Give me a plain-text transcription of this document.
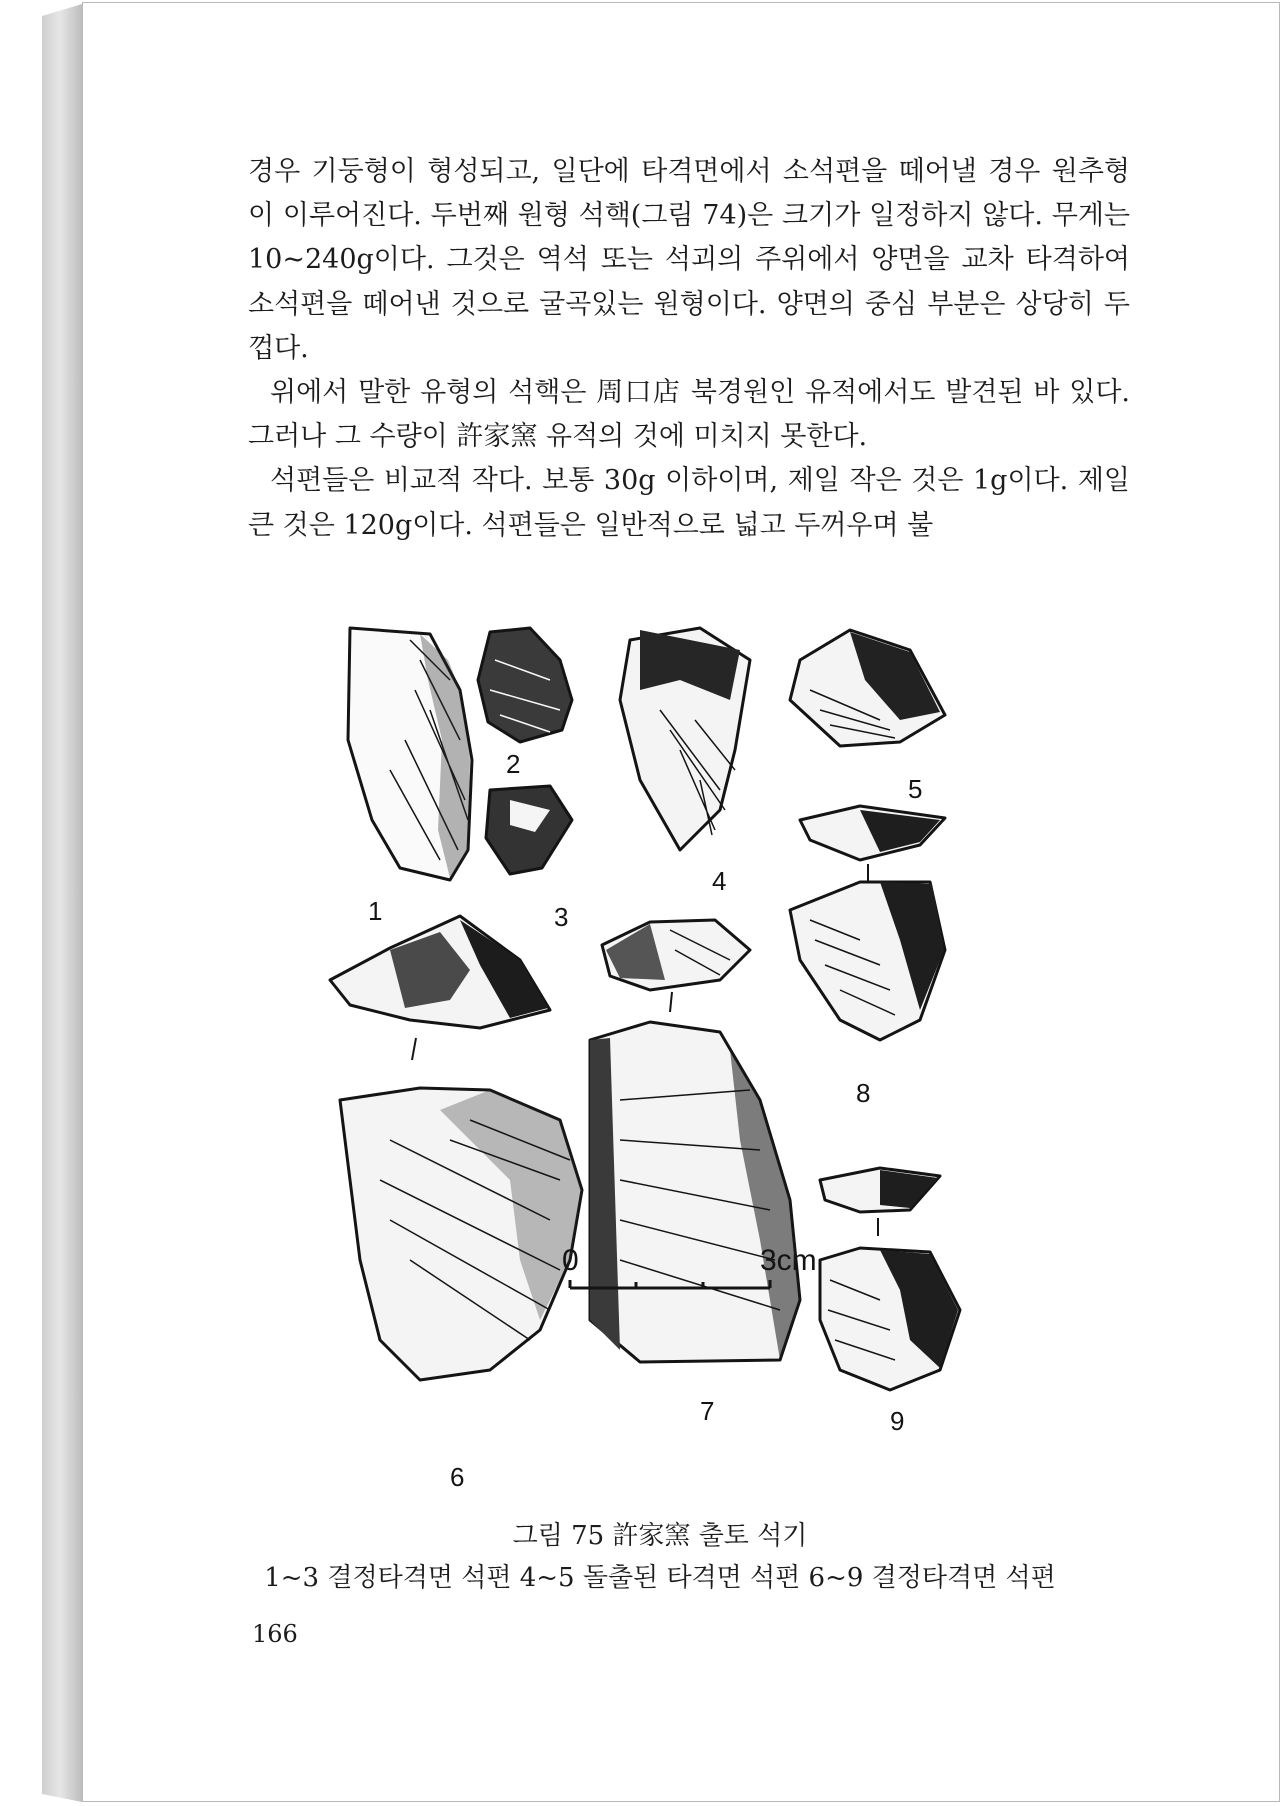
경우 기둥형이 형성되고, 일단에 타격면에서 소석편을 떼어낼 경우 원추형이 이루어진다. 두번째 원형 석핵(그림 74)은 크기가 일정하지 않다. 무게는 10~240g이다. 그것은 역석 또는 석괴의 주위에서 양면을 교차 타격하여 소석편을 떼어낸 것으로 굴곡있는 원형이다. 양면의 중심 부분은 상당히 두껍다.

위에서 말한 유형의 석핵은 周口店 북경원인 유적에서도 발견된 바 있다. 그러나 그 수량이 許家窯 유적의 것에 미치지 못한다.

석편들은 비교적 작다. 보통 30g 이하이며, 제일 작은 것은 1g이다. 제일 큰 것은 120g이다. 석편들은 일반적으로 넓고 두꺼우며 불

1
2
3
4
5
6
7
8
9
0	3cm
그림 75 許家窯 출토 석기
1~3 결정타격면 석편 4~5 돌출된 타격면 석편 6~9 결정타격면 석편
166
